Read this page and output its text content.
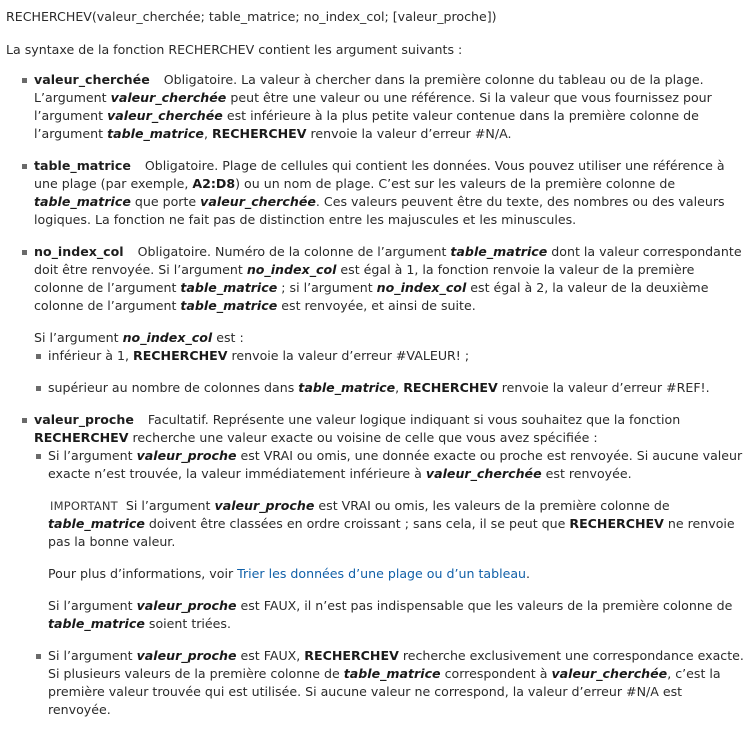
RECHERCHEV(valeur_cherchée; table_matrice; no_index_col; [valeur_proche])

La syntaxe de la fonction RECHERCHEV contient les argument suivants :

valeur_cherchée Obligatoire. La valeur à chercher dans la première colonne du tableau ou de la plage. L’argument valeur_cherchée peut être une valeur ou une référence. Si la valeur que vous fournissez pour l’argument valeur_cherchée est inférieure à la plus petite valeur contenue dans la première colonne de l’argument table_matrice, RECHERCHEV renvoie la valeur d’erreur #N/A.
table_matrice Obligatoire. Plage de cellules qui contient les données. Vous pouvez utiliser une référence à une plage (par exemple, A2:D8) ou un nom de plage. C’est sur les valeurs de la première colonne de table_matrice que porte valeur_cherchée. Ces valeurs peuvent être du texte, des nombres ou des valeurs logiques. La fonction ne fait pas de distinction entre les majuscules et les minuscules.
no_index_col Obligatoire. Numéro de la colonne de l’argument table_matrice dont la valeur correspondante doit être renvoyée. Si l’argument no_index_col est égal à 1, la fonction renvoie la valeur de la première colonne de l’argument table_matrice ; si l’argument no_index_col est égal à 2, la valeur de la deuxième colonne de l’argument table_matrice est renvoyée, et ainsi de suite.

Si l’argument no_index_col est :

inférieur à 1, RECHERCHEV renvoie la valeur d’erreur #VALEUR! ;
supérieur au nombre de colonnes dans table_matrice, RECHERCHEV renvoie la valeur d’erreur #REF!.
valeur_proche Facultatif. Représente une valeur logique indiquant si vous souhaitez que la fonction RECHERCHEV recherche une valeur exacte ou voisine de celle que vous avez spécifiée :

Si l’argument valeur_proche est VRAI ou omis, une donnée exacte ou proche est renvoyée. Si aucune valeur exacte n’est trouvée, la valeur immédiatement inférieure à valeur_cherchée est renvoyée.

IMPORTANT Si l’argument valeur_proche est VRAI ou omis, les valeurs de la première colonne de table_matrice doivent être classées en ordre croissant ; sans cela, il se peut que RECHERCHEV ne renvoie pas la bonne valeur.

Pour plus d’informations, voir Trier les données d’une plage ou d’un tableau.

Si l’argument valeur_proche est FAUX, il n’est pas indispensable que les valeurs de la première colonne de table_matrice soient triées.

Si l’argument valeur_proche est FAUX, RECHERCHEV recherche exclusivement une correspondance exacte. Si plusieurs valeurs de la première colonne de table_matrice correspondent à valeur_cherchée, c’est la première valeur trouvée qui est utilisée. Si aucune valeur ne correspond, la valeur d’erreur #N/A est renvoyée.
